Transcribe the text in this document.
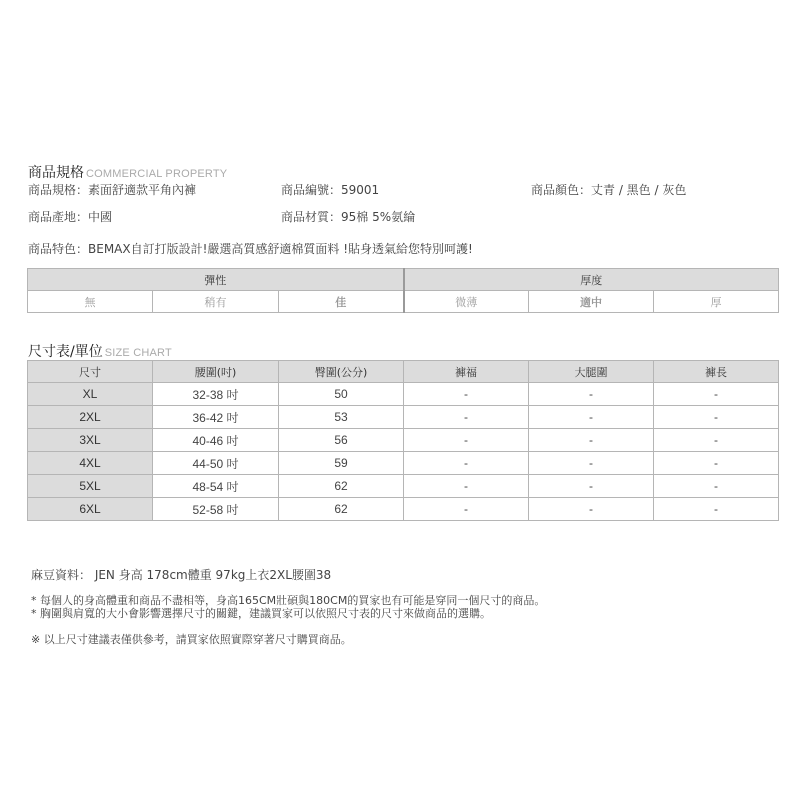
商品規格 COMMERCIAL PROPERTY
商品規格：素面舒適款平角內褲	商品編號：59001	商品顏色：丈青 / 黑色 / 灰色
商品產地：中國	商品材質：95棉 5%氨綸
商品特色：BEMAX自訂打版設計!嚴選高質感舒適棉質面料 !貼身透氣給您特別呵護!
彈性			厚度		
無	稍有	佳	微薄	適中	厚
尺寸表/單位 SIZE CHART
尺寸	腰圍(吋)	臀圍(公分)	褲福	大腿圍	褲長
XL	32-38 吋	50	-	-	-
2XL	36-42 吋	53	-	-	-
3XL	40-46 吋	56	-	-	-
4XL	44-50 吋	59	-	-	-
5XL	48-54 吋	62	-	-	-
6XL	52-58 吋	62	-	-	-
麻豆資料： JEN 身高 178cm體重 97kg上衣2XL腰圍38
* 每個人的身高體重和商品不盡相等，身高165CM壯碩與180CM的買家也有可能是穿同一個尺寸的商品。
* 胸圍與肩寬的大小會影響選擇尺寸的關鍵，建議買家可以依照尺寸表的尺寸來做商品的選購。
※ 以上尺寸建議表僅供參考，請買家依照實際穿著尺寸購買商品。
